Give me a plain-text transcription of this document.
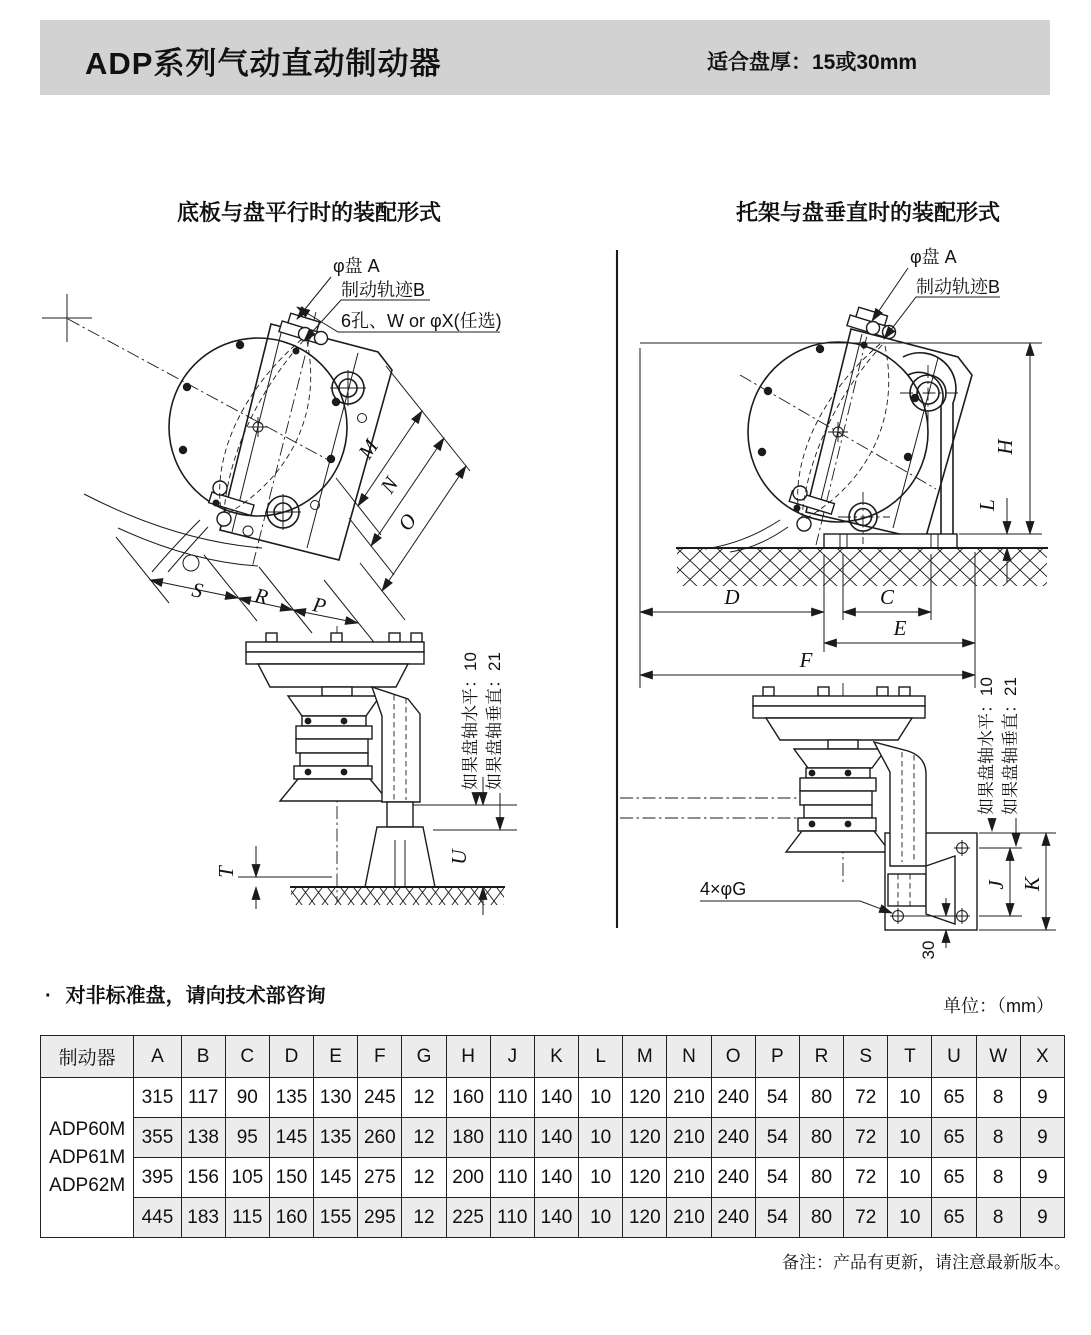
ADP系列气动直动制动器	适合盘厚：15或30mm
底板与盘平行时的装配形式	托架与盘垂直时的装配形式
φ盘 A
制动轨迹B
6孔、W or φX(任选)
M
N
O
S R P
U
T
如果盘轴水平：10 如果盘轴垂直：21
H
L
D	C
E
F
φ盘 A
制动轨迹B
4×φG
30
J K
如果盘轴水平：10 如果盘轴垂直：21
· 对非标准盘，请向技术部咨询	单位：（mm）
制动器	A	B	C	D	E	F	G	H	J	K	L	M	N	O	P	R	S	T	U	W	X

ADP60M
ADP61M
ADP62M	315	117	90	135	130	245	12	160	110	140	10	120	210	240	54	80	72	10	65	8	9
	355	138	95	145	135	260	12	180	110	140	10	120	210	240	54	80	72	10	65	8	9
	395	156	105	150	145	275	12	200	110	140	10	120	210	240	54	80	72	10	65	8	9
	445	183	115	160	155	295	12	225	110	140	10	120	210	240	54	80	72	10	65	8	9
备注：产品有更新，请注意最新版本。
